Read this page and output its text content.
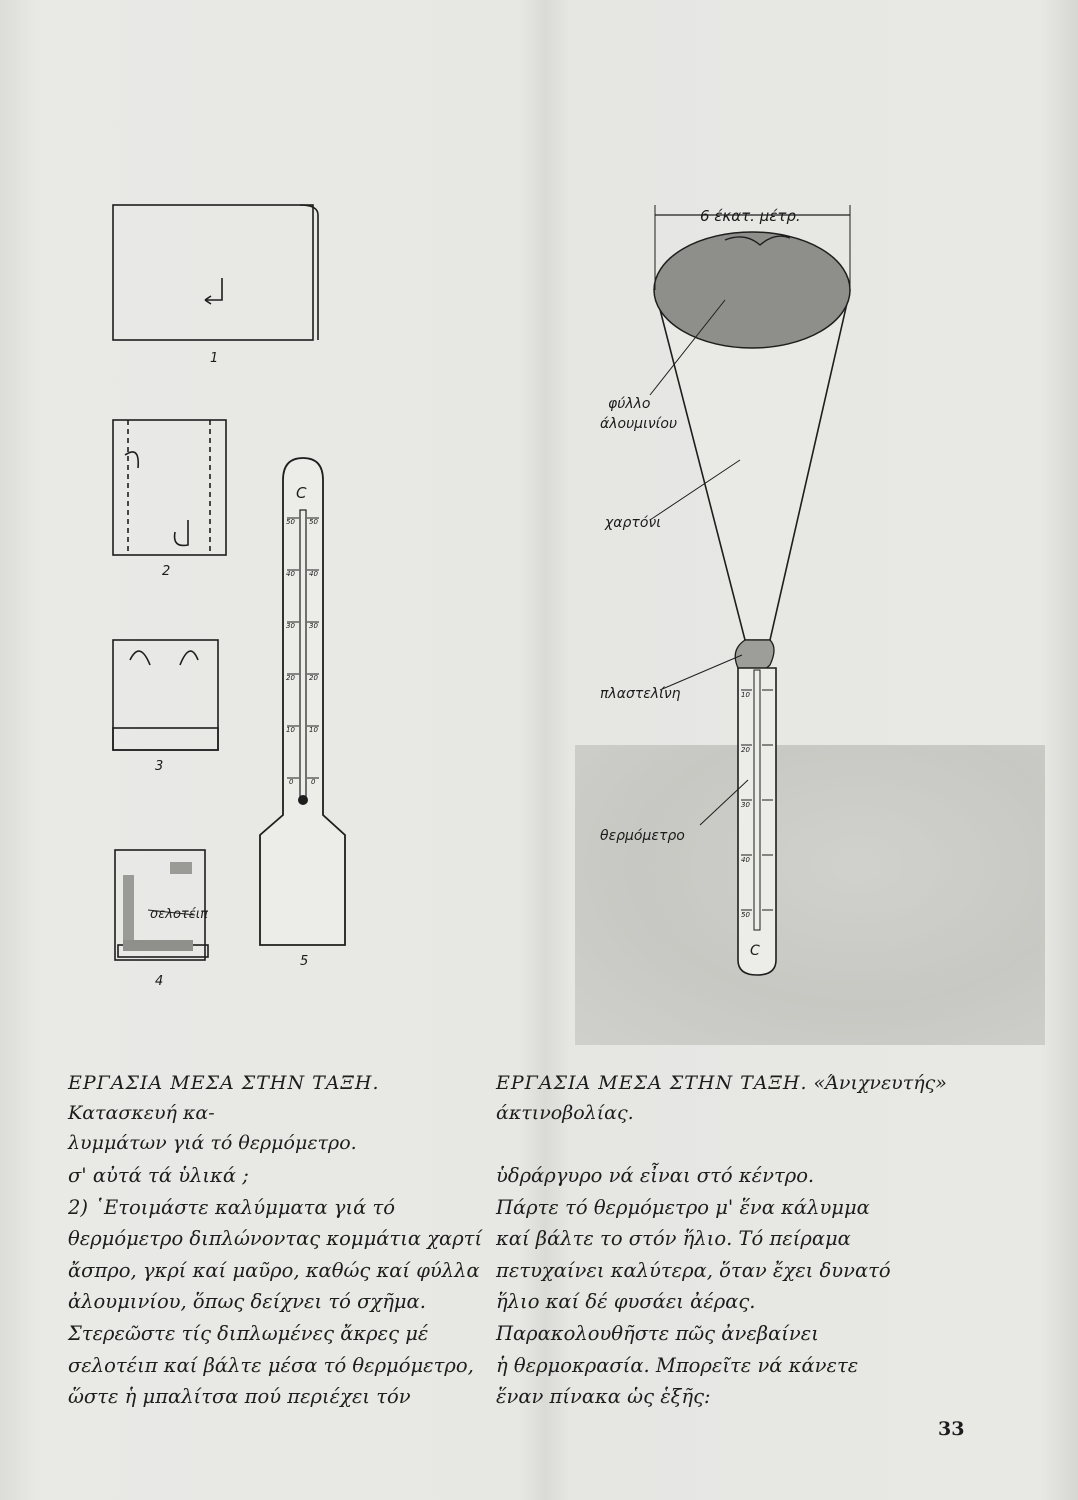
1
2
3
4
5
σελοτέιπ
C
50 50
40 40
30 30
20 20
10 10
0	0
6 έκατ. μέτρ.
φύλλο
άλουμινίου
χαρτόνι
πλαστελίνη
θερμόμετρο
10
20
30
40
50
C
ΕΡΓΑΣΙΑ ΜΕΣΑ ΣΤΗΝ ΤΑΞΗ. Κατασκευή κα-
λυμμάτων γιά τό θερμόμετρο.
ΕΡΓΑΣΙΑ ΜΕΣΑ ΣΤΗΝ ΤΑΞΗ. «Άνιχνευτής»
άκτινοβολίας.
σ' αὐτά τά ὑλικά ;
2) ῾Ετοιμάστε καλύμματα γιά τό
θερμόμετρο διπλώνοντας κομμάτια χαρτί
ἄσπρο, γκρί καί μαῦρο, καθώς καί φύλλα
ἀλουμινίου, ὅπως δείχνει τό σχῆμα.
Στερεῶστε τίς διπλωμένες ἄκρες μέ
σελοτέιπ καί βάλτε μέσα τό θερμόμετρο,
ὥστε ἡ μπαλίτσα πού περιέχει τόν
ὑδράργυρο νά εἶναι στό κέντρο.
Πάρτε τό θερμόμετρο μ' ἕνα κάλυμμα
καί βάλτε το στόν ἥλιο. Τό πείραμα
πετυχαίνει καλύτερα, ὅταν ἔχει δυνατό
ἥλιο καί δέ φυσάει ἀέρας.
Παρακολουθῆστε πῶς ἀνεβαίνει
ἡ θερμοκρασία. Μπορεῖτε νά κάνετε
ἕναν πίνακα ὡς ἑξῆς:
33
